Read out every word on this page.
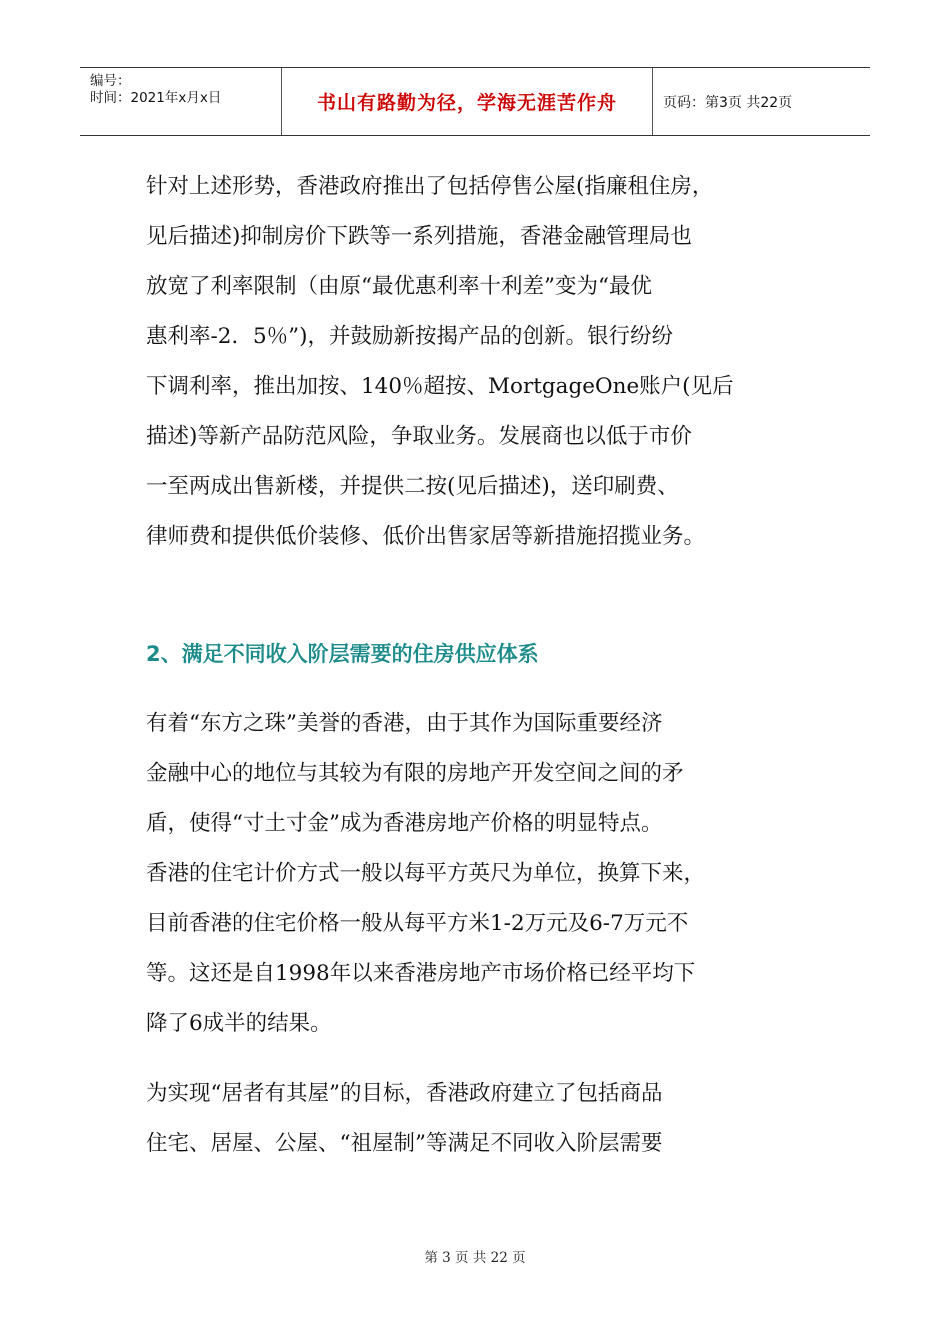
编号：
时间：2021年x月x日	书山有路勤为径，学海无涯苦作舟	页码：第3页 共22页

针对上述形势，香港政府推出了包括停售公屋(指廉租住房，
见后描述)抑制房价下跌等一系列措施，香港金融管理局也
放宽了利率限制（由原“最优惠利率十利差”变为“最优
惠利率-2．5％”)，并鼓励新按揭产品的创新。银行纷纷
下调利率，推出加按、140％超按、MortgageOne账户(见后
描述)等新产品防范风险，争取业务。发展商也以低于市价
一至两成出售新楼，并提供二按(见后描述)，送印刷费、
律师费和提供低价装修、低价出售家居等新措施招揽业务。

2、满足不同收入阶层需要的住房供应体系

有着“东方之珠”美誉的香港，由于其作为国际重要经济
金融中心的地位与其较为有限的房地产开发空间之间的矛
盾，使得“寸土寸金”成为香港房地产价格的明显特点。
香港的住宅计价方式一般以每平方英尺为单位，换算下来，
目前香港的住宅价格一般从每平方米1-2万元及6-7万元不
等。这还是自1998年以来香港房地产市场价格已经平均下
降了6成半的结果。

为实现“居者有其屋”的目标，香港政府建立了包括商品
住宅、居屋、公屋、“祖屋制”等满足不同收入阶层需要

第 3 页 共 22 页
